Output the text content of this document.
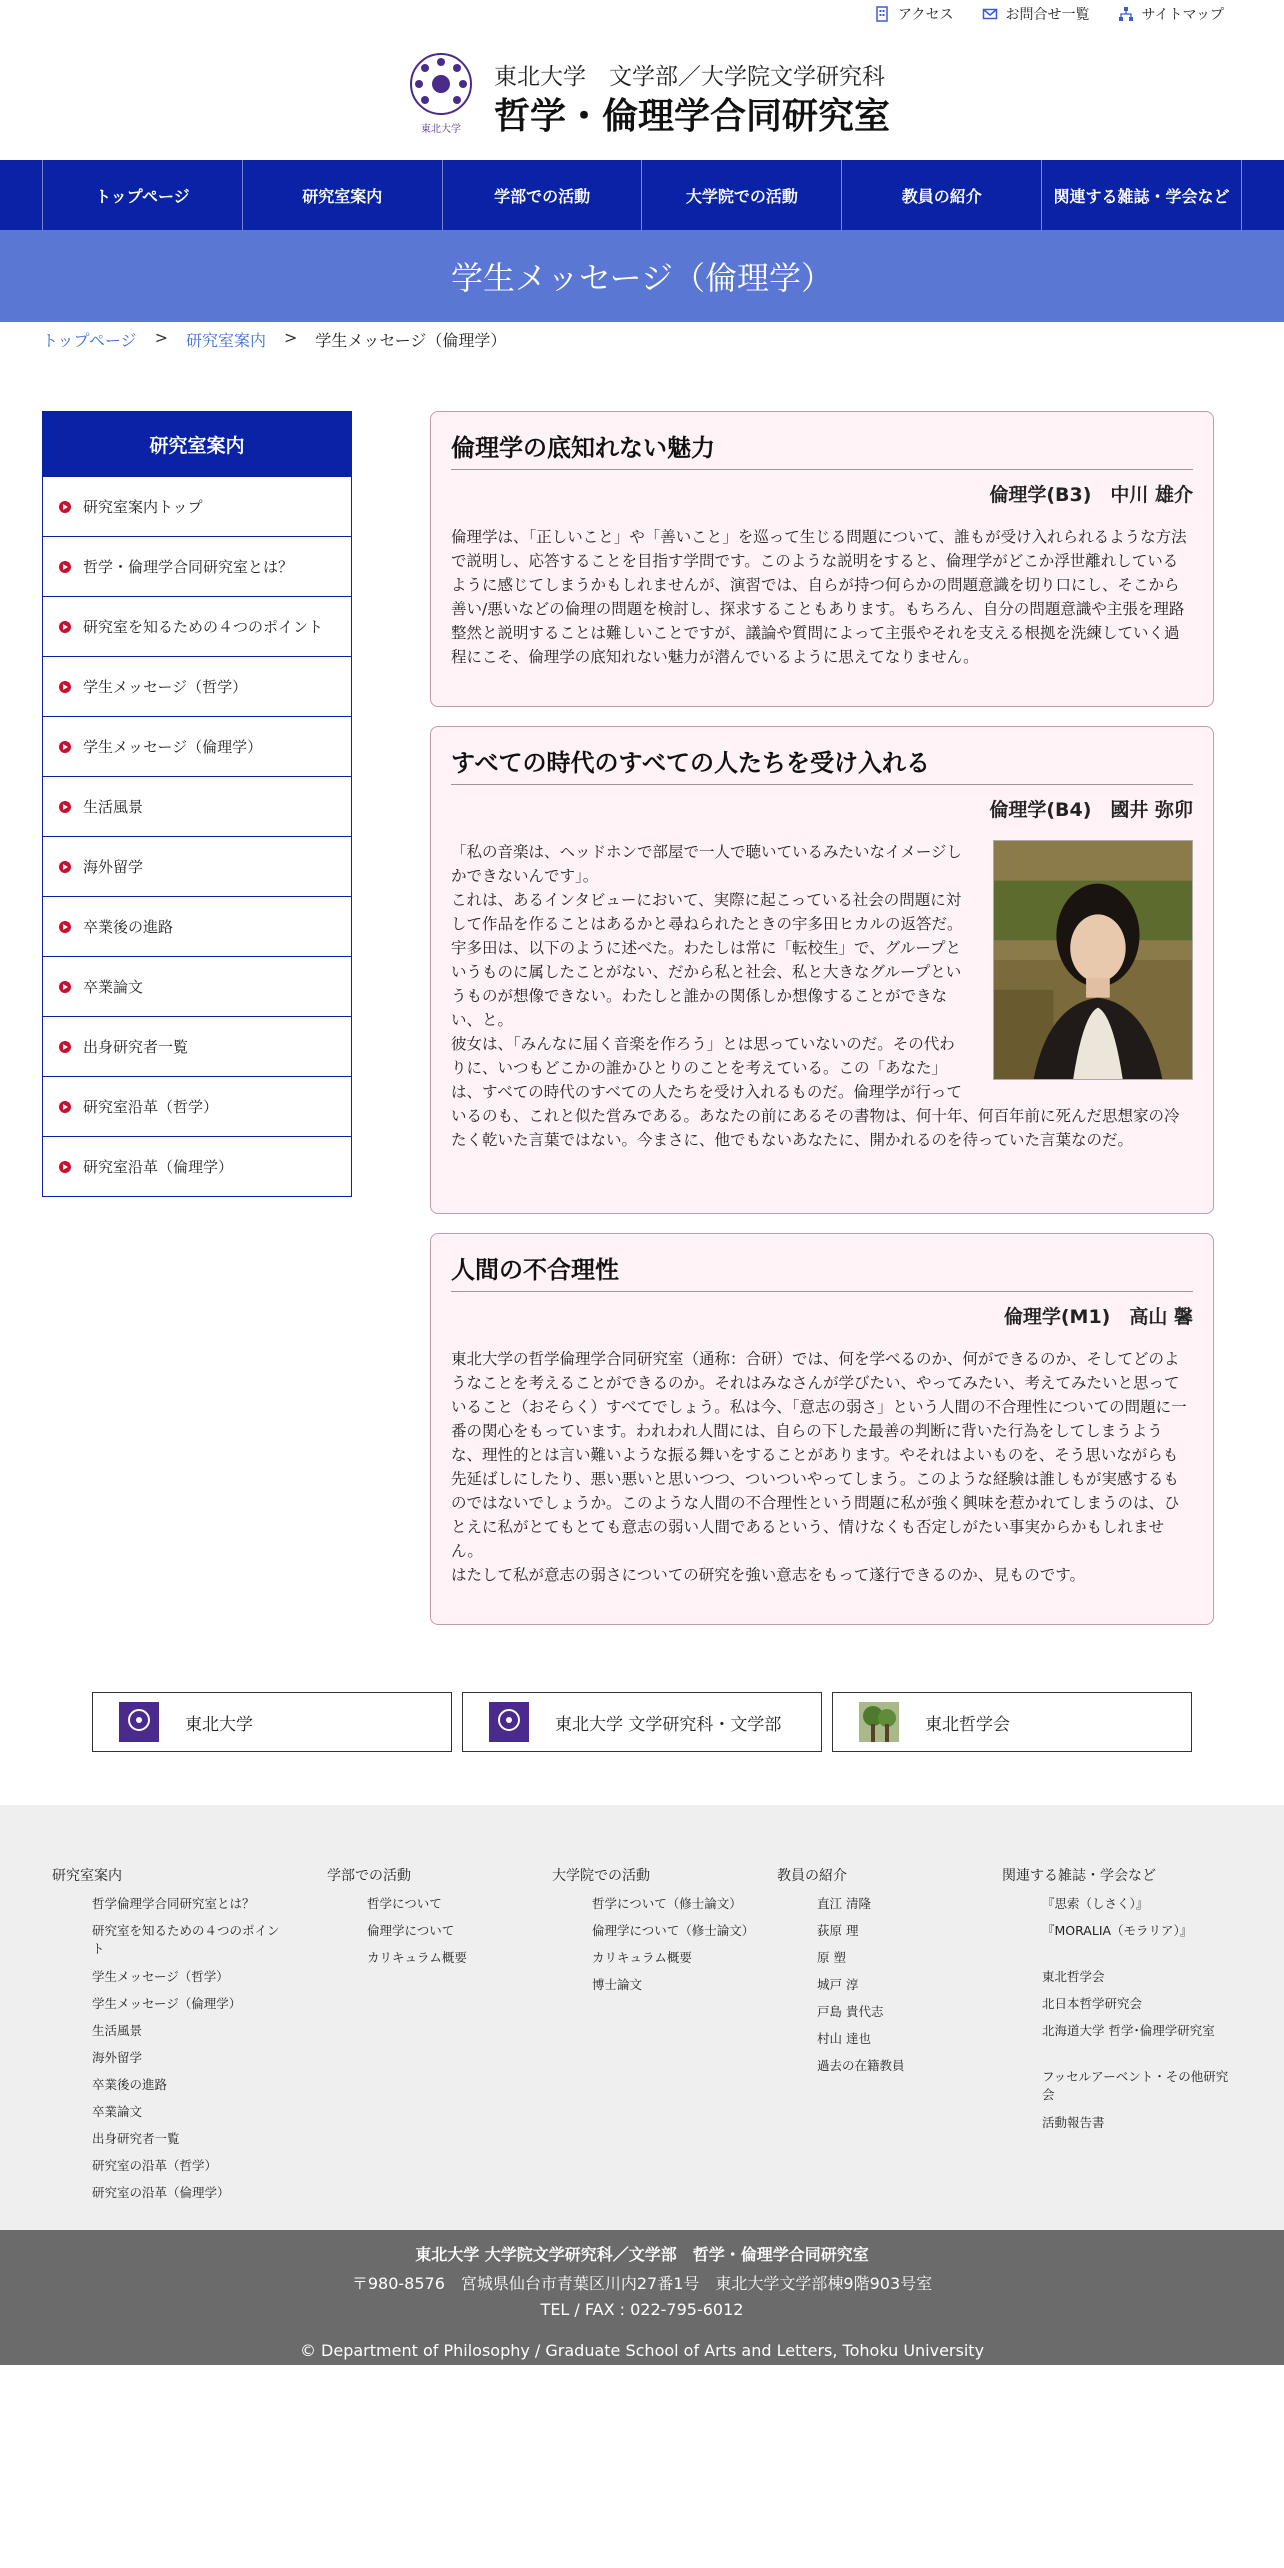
アクセス	お問合せ一覧	サイトマップ
東北大学
東北大学　文学部／大学院文学研究科
哲学・倫理学合同研究室
トップページ	研究室案内	学部での活動	大学院での活動	教員の紹介	関連する雑誌・学会など
学生メッセージ（倫理学）
トップページ > 研究室案内 > 学生メッセージ（倫理学）
研究室案内
研究室案内トップ
哲学・倫理学合同研究室とは？
研究室を知るための４つのポイント
学生メッセージ（哲学）
学生メッセージ（倫理学）
生活風景
海外留学
卒業後の進路
卒業論文
出身研究者一覧
研究室沿革（哲学）
研究室沿革（倫理学）
倫理学の底知れない魅力
倫理学(B3)　中川 雄介

倫理学は、「正しいこと」や「善いこと」を巡って生じる問題について、誰もが受け入れられるような方法で説明し、応答することを目指す学問です。このような説明をすると、倫理学がどこか浮世離れしているように感じてしまうかもしれませんが、演習では、自らが持つ何らかの問題意識を切り口にし、そこから善い/悪いなどの倫理の問題を検討し、探求することもあります。もちろん、自分の問題意識や主張を理路整然と説明することは難しいことですが、議論や質問によって主張やそれを支える根拠を洗練していく過程にこそ、倫理学の底知れない魅力が潜んでいるように思えてなりません。

すべての時代のすべての人たちを受け入れる
倫理学(B4)　國井 弥卯

「私の音楽は、ヘッドホンで部屋で一人で聴いているみたいなイメージしかできないんです」。

これは、あるインタビューにおいて、実際に起こっている社会の問題に対して作品を作ることはあるかと尋ねられたときの宇多田ヒカルの返答だ。宇多田は、以下のように述べた。わたしは常に「転校生」で、グループというものに属したことがない、だから私と社会、私と大きなグループというものが想像できない。わたしと誰かの関係しか想像することができない、と。

彼女は、「みんなに届く音楽を作ろう」とは思っていないのだ。その代わりに、いつもどこかの誰かひとりのことを考えている。この「あなた」は、すべての時代のすべての人たちを受け入れるものだ。倫理学が行っているのも、これと似た営みである。あなたの前にあるその書物は、何十年、何百年前に死んだ思想家の冷たく乾いた言葉ではない。今まさに、他でもないあなたに、開かれるのを待っていた言葉なのだ。

人間の不合理性
倫理学(M1)　高山 馨

東北大学の哲学倫理学合同研究室（通称：合研）では、何を学べるのか、何ができるのか、そしてどのようなことを考えることができるのか。それはみなさんが学びたい、やってみたい、考えてみたいと思っていること（おそらく）すべてでしょう。私は今、「意志の弱さ」という人間の不合理性についての問題に一番の関心をもっています。われわれ人間には、自らの下した最善の判断に背いた行為をしてしまうような、理性的とは言い難いような振る舞いをすることがあります。やそれはよいものを、そう思いながらも先延ばしにしたり、悪い悪いと思いつつ、ついついやってしまう。このような経験は誰しもが実感するものではないでしょうか。このような人間の不合理性という問題に私が強く興味を惹かれてしまうのは、ひとえに私がとてもとても意志の弱い人間であるという、情けなくも否定しがたい事実からかもしれません。

はたして私が意志の弱さについての研究を強い意志をもって遂行できるのか、見ものです。

東北大学	東北大学 文学研究科・文学部	東北哲学会
研究室案内
哲学倫理学合同研究室とは？
研究室を知るための４つのポイント
学生メッセージ（哲学）
学生メッセージ（倫理学）
生活風景
海外留学
卒業後の進路
卒業論文
出身研究者一覧
研究室の沿革（哲学）
研究室の沿革（倫理学）
学部での活動
哲学について
倫理学について
カリキュラム概要
大学院での活動
哲学について（修士論文）
倫理学について（修士論文）
カリキュラム概要
博士論文
教員の紹介
直江 清隆
荻原 理
原 塑
城戸 淳
戸島 貴代志
村山 達也
過去の在籍教員
関連する雑誌・学会など
『思索（しさく）』
『MORALIA（モラリア）』
東北哲学会
北日本哲学研究会
北海道大学 哲学･倫理学研究室
フッセルアーベント・その他研究会
活動報告書
東北大学 大学院文学研究科／文学部　哲学・倫理学合同研究室
〒980-8576　宮城県仙台市青葉区川内27番1号　東北大学文学部棟9階903号室
TEL / FAX : 022-795-6012
© Department of Philosophy / Graduate School of Arts and Letters, Tohoku University
